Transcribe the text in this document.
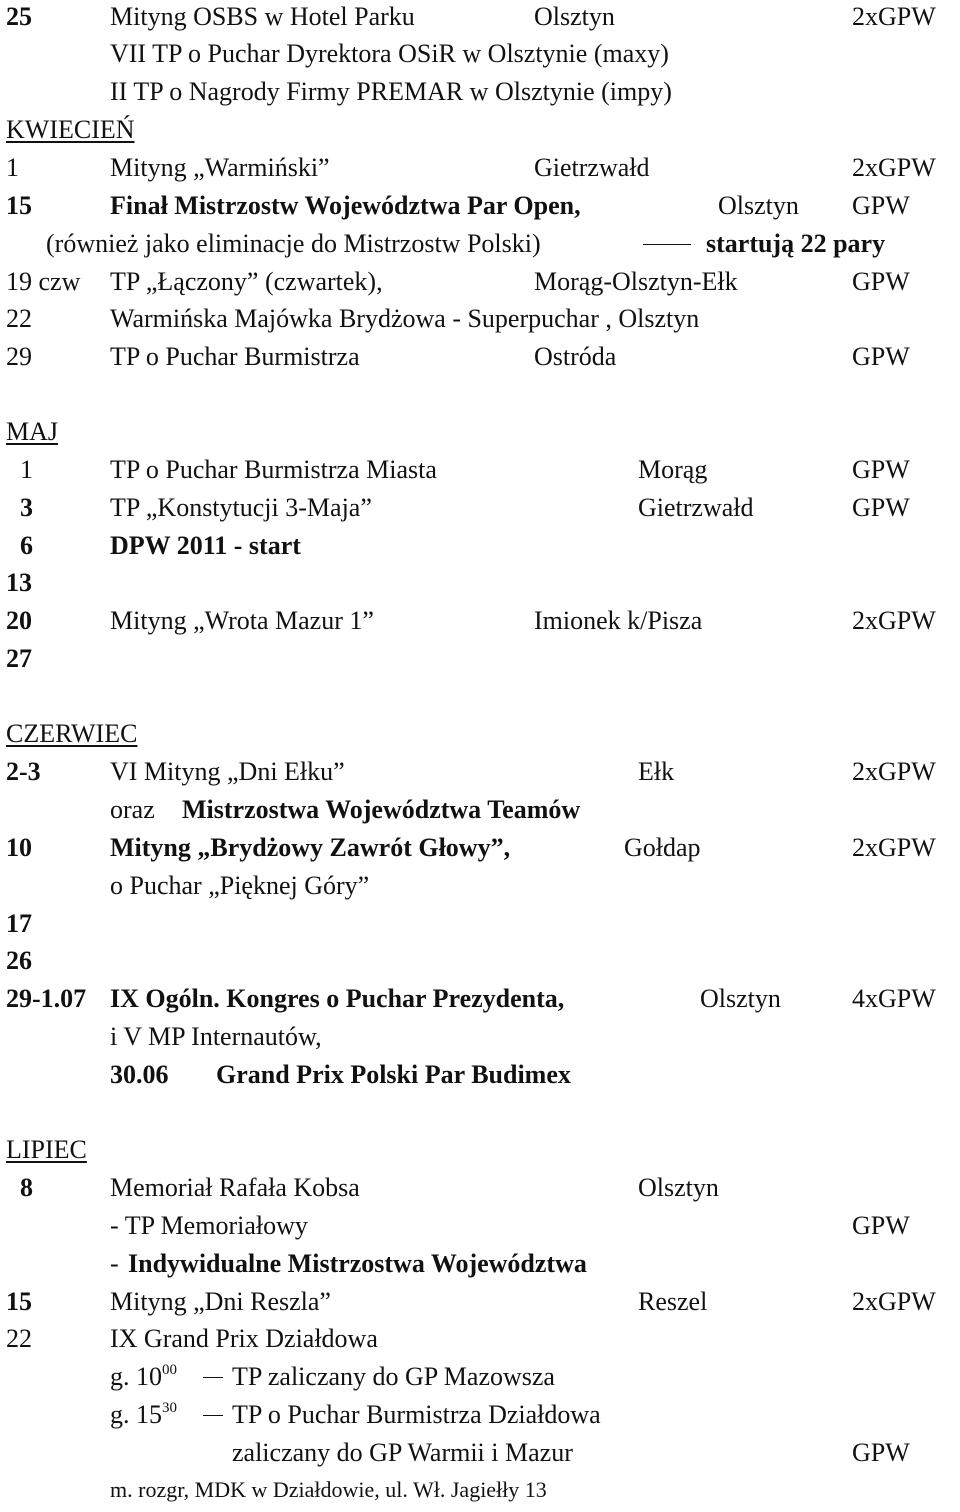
25	Mityng OSBS w Hotel Parku	Olsztyn	2xGPW
VII TP o Puchar Dyrektora OSiR w Olsztynie (maxy)
II TP o Nagrody Firmy PREMAR w Olsztynie (impy)
KWIECIEŃ
1	Mityng „Warmiński”	Gietrzwałd	2xGPW
15	Finał Mistrzostw Województwa Par Open,	Olsztyn GPW
(również jako eliminacje do Mistrzostw Polski)	startują 22 pary
19 czw TP „Łączony” (czwartek),	Morąg-Olsztyn-Ełk	GPW
22	Warmińska Majówka Brydżowa - Superpuchar , Olsztyn
29	TP o Puchar Burmistrza	Ostróda	GPW
MAJ
1	TP o Puchar Burmistrza Miasta	Morąg	GPW
3	TP „Konstytucji 3-Maja”	Gietrzwałd	GPW
6	DPW 2011 - start
13
20	Mityng „Wrota Mazur 1”	Imionek k/Pisza	2xGPW
27
CZERWIEC
2-3	VI Mityng „Dni Ełku”	Ełk	2xGPW
oraz Mistrzostwa Województwa Teamów
10	Mityng „Brydżowy Zawrót Głowy”,	Gołdap	2xGPW
o Puchar „Pięknej Góry”
17
26
29-1.07 IX Ogóln. Kongres o Puchar Prezydenta,	Olsztyn	4xGPW
i V MP Internautów,
30.06 Grand Prix Polski Par Budimex
LIPIEC
8	Memoriał Rafała Kobsa	Olsztyn
- TP Memoriałowy	GPW
- Indywidualne Mistrzostwa Województwa
15	Mityng „Dni Reszla”	Reszel	2xGPW
22	IX Grand Prix Działdowa
g. $10^{00}$ TP zaliczany do GP Mazowsza
g. $15^{30}$ TP o Puchar Burmistrza Działdowa
zaliczany do GP Warmii i Mazur	GPW
m. rozgr, MDK w Działdowie, ul. Wł. Jagiełły 13
